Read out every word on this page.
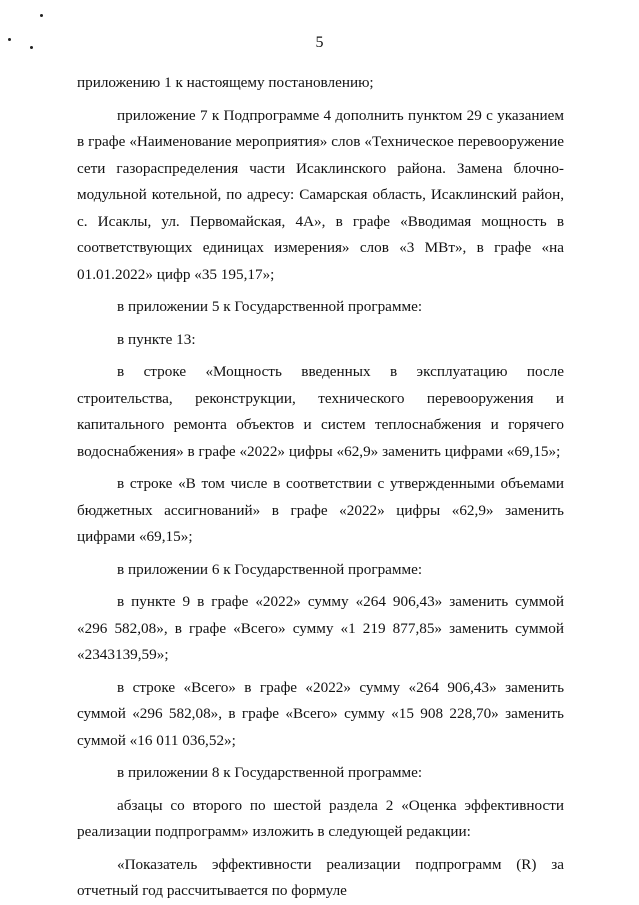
5

приложению 1 к настоящему постановлению;

приложение 7 к Подпрограмме 4 дополнить пунктом 29 с указанием в графе «Наименование мероприятия» слов «Техническое перевооружение сети газораспределения части Исаклинского района. Замена блочно-модульной котельной, по адресу: Самарская область, Исаклинский район, с. Исаклы, ул. Первомайская, 4А», в графе «Вводимая мощность в соответствующих единицах измерения» слов «3 МВт», в графе «на 01.01.2022» цифр «35 195,17»;

в приложении 5 к Государственной программе:

в пункте 13:

в строке «Мощность введенных в эксплуатацию после строительства, реконструкции, технического перевооружения и капитального ремонта объектов и систем теплоснабжения и горячего водоснабжения» в графе «2022» цифры «62,9» заменить цифрами «69,15»;

в строке «В том числе в соответствии с утвержденными объемами бюджетных ассигнований» в графе «2022» цифры «62,9» заменить цифрами «69,15»;

в приложении 6 к Государственной программе:

в пункте 9 в графе «2022» сумму «264 906,43» заменить суммой «296 582,08», в графе «Всего» сумму «1 219 877,85» заменить суммой «2343139,59»;

в строке «Всего» в графе «2022» сумму «264 906,43» заменить суммой «296 582,08», в графе «Всего» сумму «15 908 228,70» заменить суммой «16 011 036,52»;

в приложении 8 к Государственной программе:

абзацы со второго по шестой раздела 2 «Оценка эффективности реализации подпрограмм» изложить в следующей редакции:

«Показатель эффективности реализации подпрограмм (R) за отчетный год рассчитывается по формуле
